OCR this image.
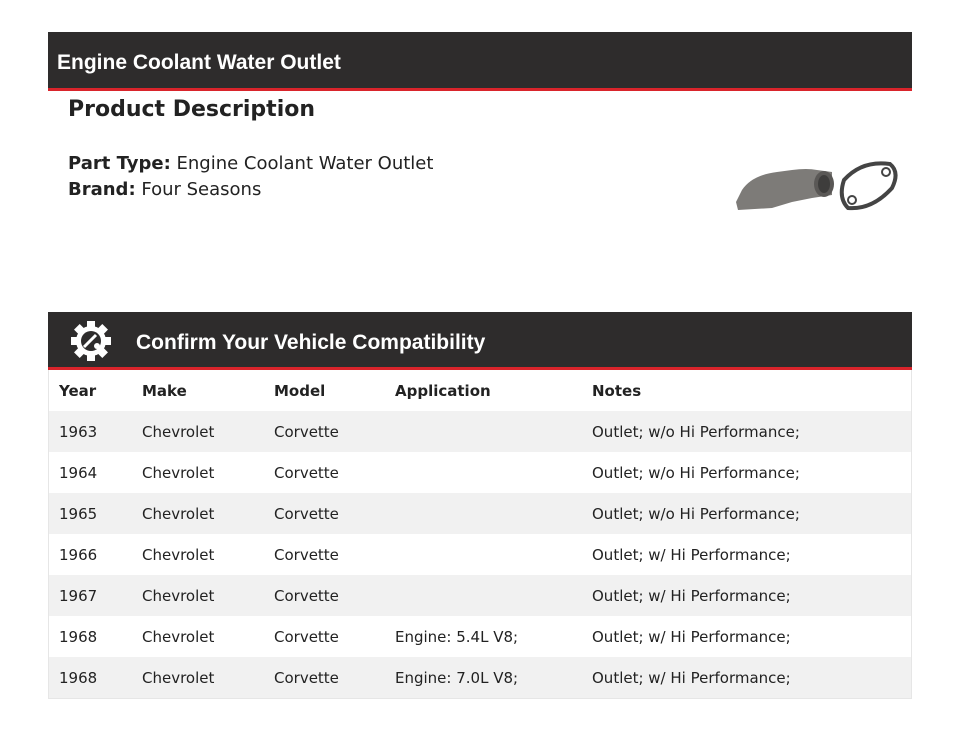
Engine Coolant Water Outlet
Product Description
Part Type: Engine Coolant Water Outlet
Brand: Four Seasons
Confirm Your Vehicle Compatibility
Year	Make	Model	Application	Notes
1963	Chevrolet	Corvette		Outlet; w/o Hi Performance;
1964	Chevrolet	Corvette		Outlet; w/o Hi Performance;
1965	Chevrolet	Corvette		Outlet; w/o Hi Performance;
1966	Chevrolet	Corvette		Outlet; w/ Hi Performance;
1967	Chevrolet	Corvette		Outlet; w/ Hi Performance;
1968	Chevrolet	Corvette	Engine: 5.4L V8;	Outlet; w/ Hi Performance;
1968	Chevrolet	Corvette	Engine: 7.0L V8;	Outlet; w/ Hi Performance;
